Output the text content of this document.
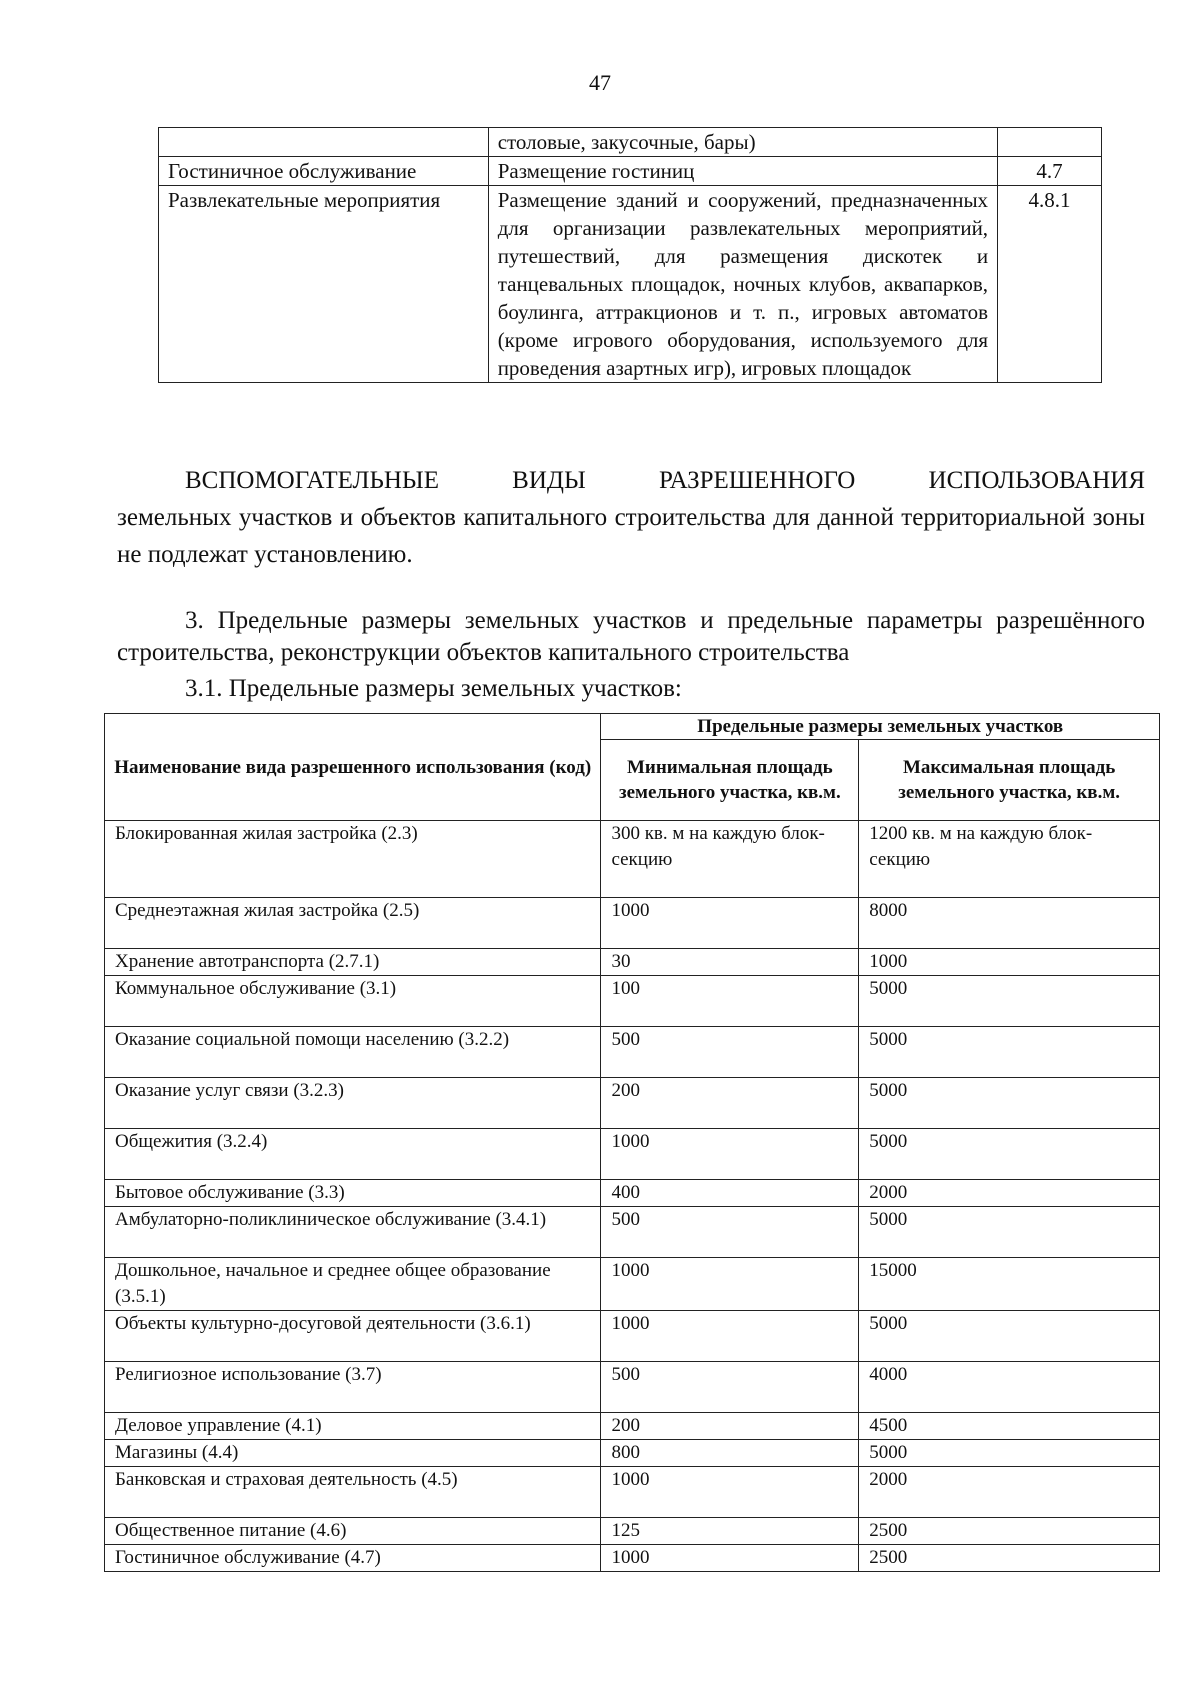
47
	столовые, закусочные, бары)	
Гостиничное обслуживание	Размещение гостиниц	4.7
Развлекательные мероприятия	Размещение зданий и сооружений, предназначенных для организации развлекательных мероприятий, путешествий, для размещения дискотек и танцевальных площадок, ночных клубов, аквапарков, боулинга, аттракционов и т. п., игровых автоматов (кроме игрового оборудования, используемого для проведения азартных игр), игровых площадок	4.8.1
ВСПОМОГАТЕЛЬНЫЕ ВИДЫ РАЗРЕШЕННОГО ИСПОЛЬЗОВАНИЯ
земельных участков и объектов капитального строительства для данной территориальной зоны не подлежат установлению.
3. Предельные размеры земельных участков и предельные параметры разрешённого строительства, реконструкции объектов капитального строительства
3.1. Предельные размеры земельных участков:
Наименование вида разрешенного использования (код)	Предельные размеры земельных участков	
	Минимальная площадь земельного участка, кв.м.	Максимальная площадь земельного участка, кв.м.
Блокированная жилая застройка (2.3)	300 кв. м на каждую блок-секцию	1200 кв. м на каждую блок-секцию
Среднеэтажная жилая застройка (2.5)	1000	8000
Хранение автотранспорта (2.7.1)	30	1000
Коммунальное обслуживание (3.1)	100	5000
Оказание социальной помощи населению (3.2.2)	500	5000
Оказание услуг связи (3.2.3)	200	5000
Общежития (3.2.4)	1000	5000
Бытовое обслуживание (3.3)	400	2000
Амбулаторно-поликлиническое обслуживание (3.4.1)	500	5000
Дошкольное, начальное и среднее общее образование (3.5.1)	1000	15000
Объекты культурно-досуговой деятельности (3.6.1)	1000	5000
Религиозное использование (3.7)	500	4000
Деловое управление (4.1)	200	4500
Магазины (4.4)	800	5000
Банковская и страховая деятельность (4.5)	1000	2000
Общественное питание (4.6)	125	2500
Гостиничное обслуживание (4.7)	1000	2500
